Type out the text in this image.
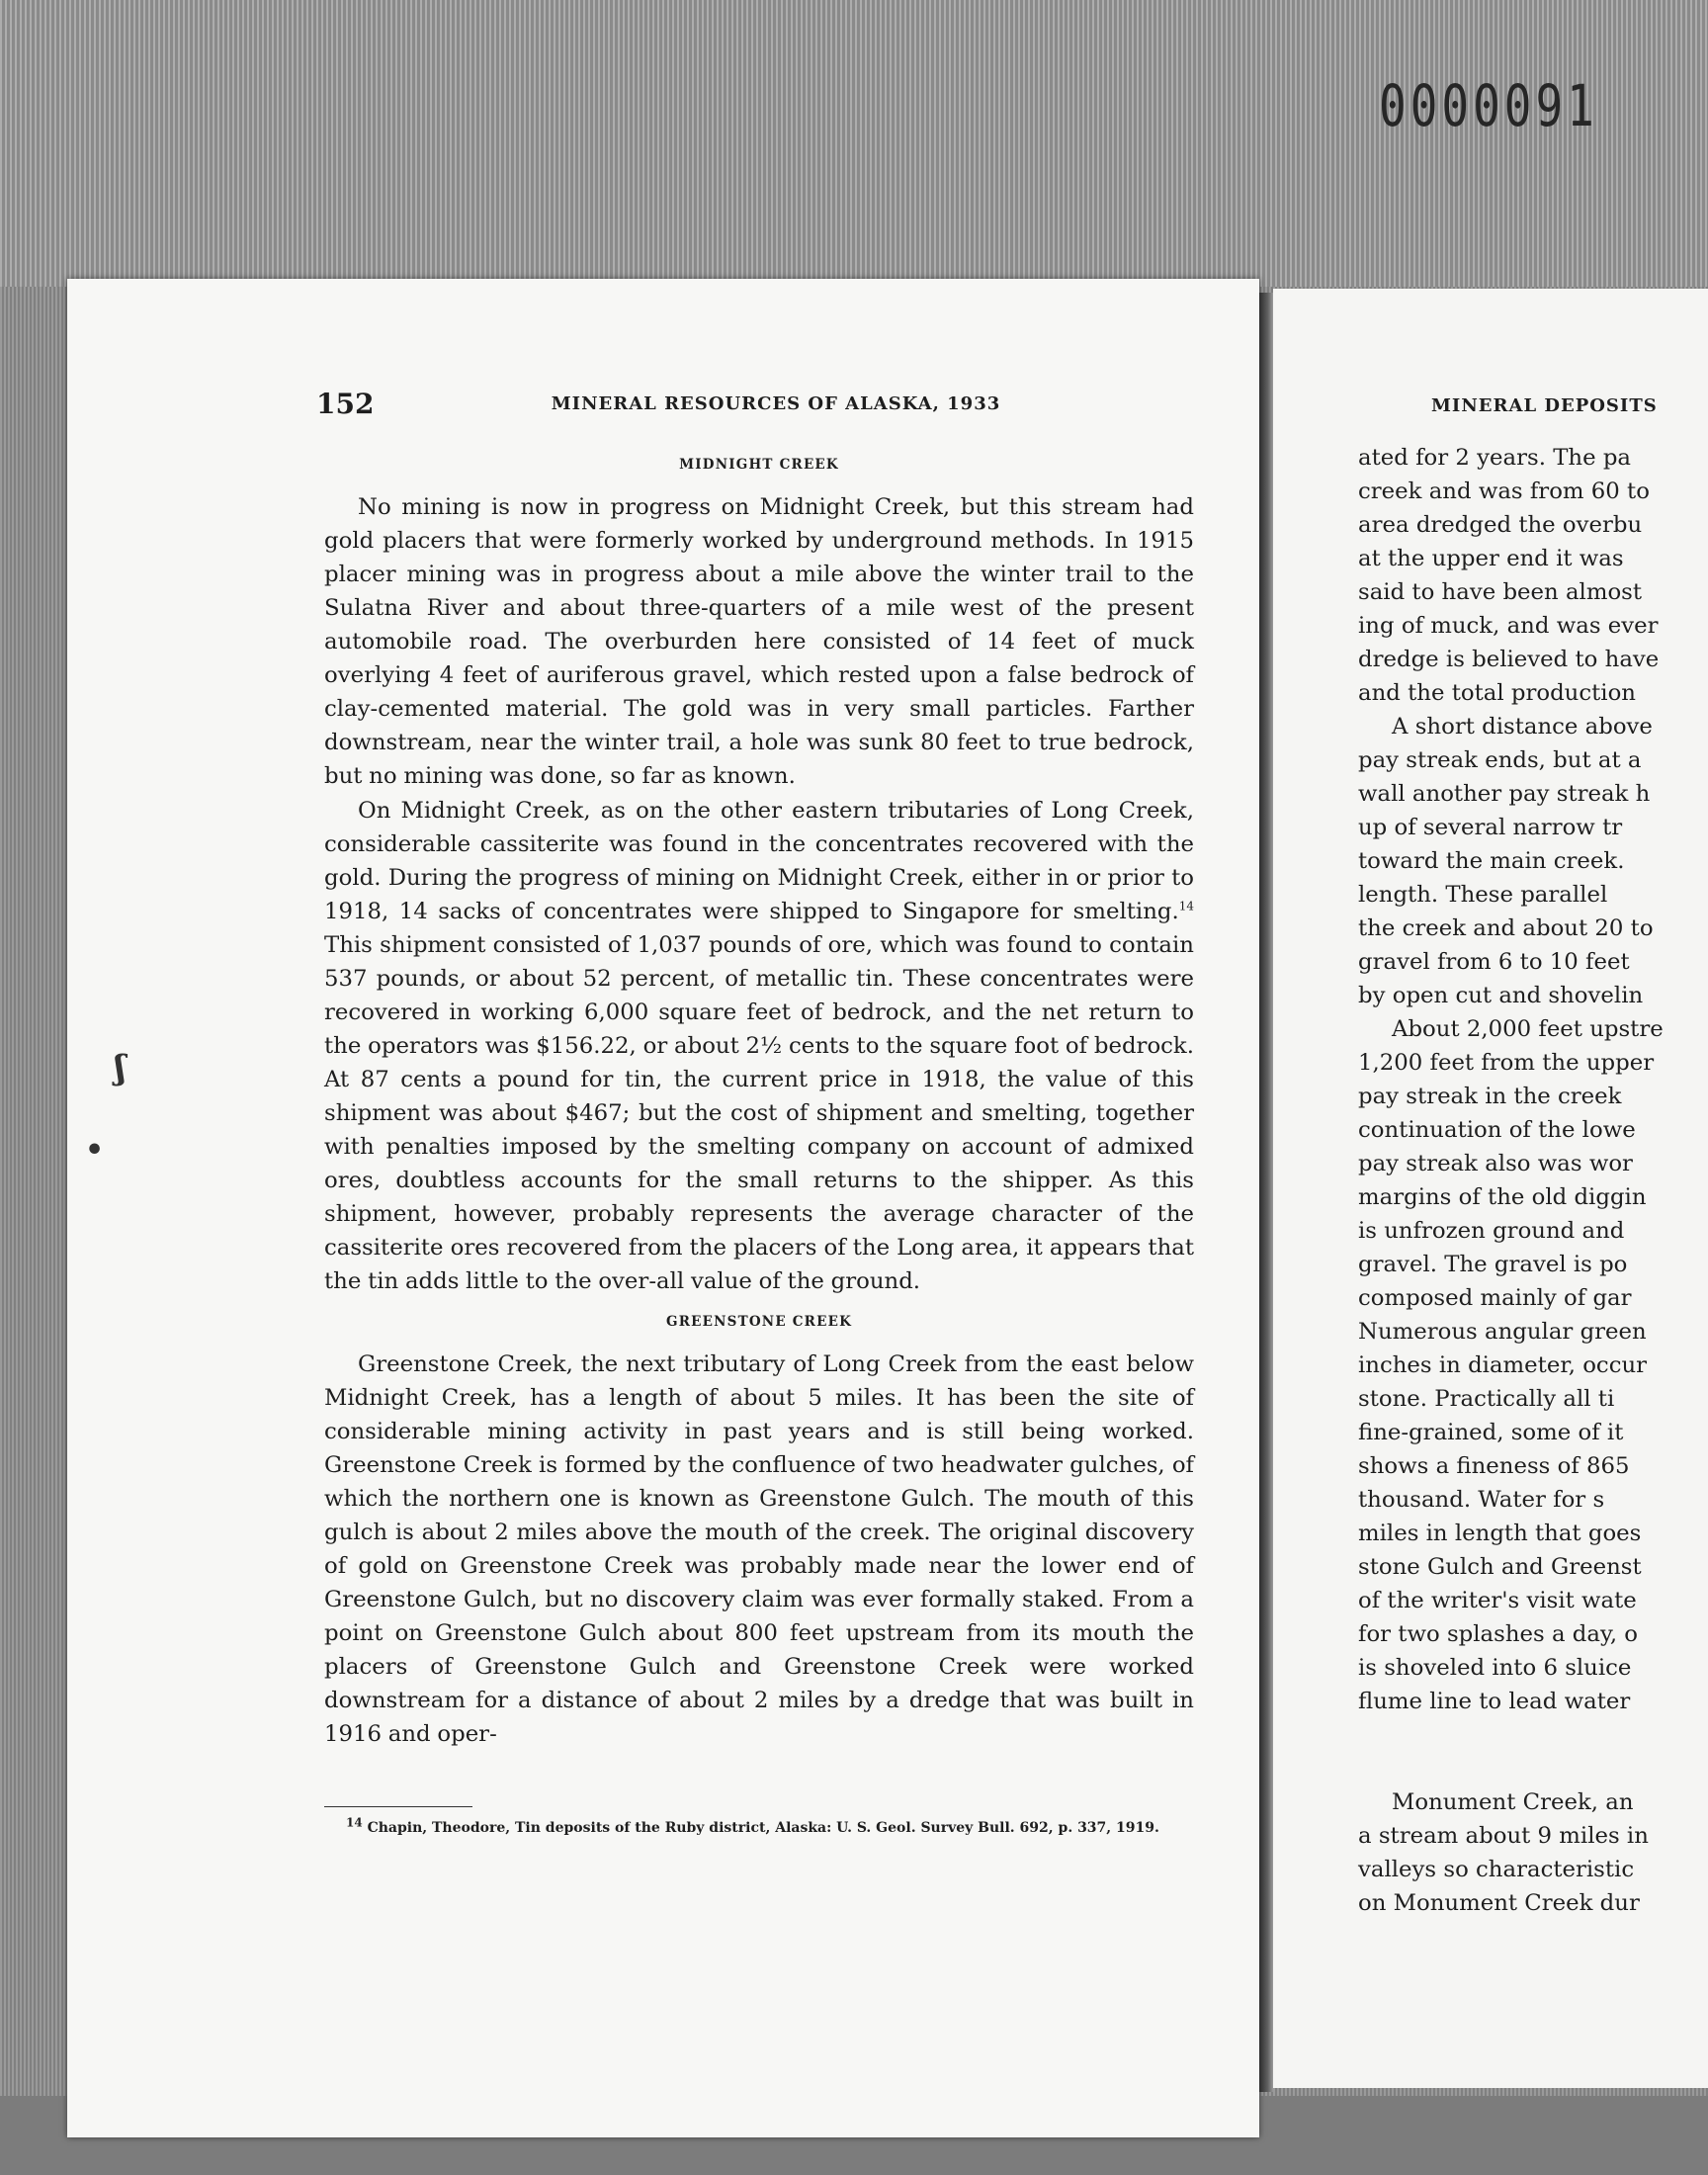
0000091
152	MINERAL RESOURCES OF ALASKA, 1933
MIDNIGHT CREEK

No mining is now in progress on Midnight Creek, but this stream had gold placers that were formerly worked by underground methods. In 1915 placer mining was in progress about a mile above the winter trail to the Sulatna River and about three-quarters of a mile west of the present automobile road. The overburden here consisted of 14 feet of muck overlying 4 feet of auriferous gravel, which rested upon a false bedrock of clay-cemented material. The gold was in very small particles. Farther downstream, near the winter trail, a hole was sunk 80 feet to true bedrock, but no mining was done, so far as known.

On Midnight Creek, as on the other eastern tributaries of Long Creek, considerable cassiterite was found in the concentrates recovered with the gold. During the progress of mining on Midnight Creek, either in or prior to 1918, 14 sacks of concentrates were shipped to Singapore for smelting.$^{14}$ This shipment consisted of 1,037 pounds of ore, which was found to contain 537 pounds, or about 52 percent, of metallic tin. These concentrates were recovered in working 6,000 square feet of bedrock, and the net return to the operators was $156.22, or about 2½ cents to the square foot of bedrock. At 87 cents a pound for tin, the current price in 1918, the value of this shipment was about $467; but the cost of shipment and smelting, together with penalties imposed by the smelting company on account of admixed ores, doubtless accounts for the small returns to the shipper. As this shipment, however, probably represents the average character of the cassiterite ores recovered from the placers of the Long area, it appears that the tin adds little to the over-all value of the ground.

GREENSTONE CREEK

Greenstone Creek, the next tributary of Long Creek from the east below Midnight Creek, has a length of about 5 miles. It has been the site of considerable mining activity in past years and is still being worked. Greenstone Creek is formed by the confluence of two headwater gulches, of which the northern one is known as Greenstone Gulch. The mouth of this gulch is about 2 miles above the mouth of the creek. The original discovery of gold on Greenstone Creek was probably made near the lower end of Greenstone Gulch, but no discovery claim was ever formally staked. From a point on Greenstone Gulch about 800 feet upstream from its mouth the placers of Greenstone Gulch and Greenstone Creek were worked downstream for a distance of about 2 miles by a dredge that was built in 1916 and oper-

$^{14}$ Chapin, Theodore, Tin deposits of the Ruby district, Alaska: U. S. Geol. Survey Bull. 692, p. 337, 1919.

MINERAL DEPOSITS

ated for 2 years. The pa

creek and was from 60 to

area dredged the overbu

at the upper end it was

said to have been almost

ing of muck, and was ever

dredge is believed to have

and the total production

A short distance above

pay streak ends, but at a

wall another pay streak h

up of several narrow tr

toward the main creek.

length. These parallel

the creek and about 20 to

gravel from 6 to 10 feet

by open cut and shovelin

About 2,000 feet upstre

1,200 feet from the upper

pay streak in the creek

continuation of the lowe

pay streak also was wor

margins of the old diggin

is unfrozen ground and

gravel. The gravel is po

composed mainly of gar

Numerous angular green

inches in diameter, occur

stone. Practically all ti

fine-grained, some of it

shows a fineness of 865

thousand. Water for s

miles in length that goes

stone Gulch and Greenst

of the writer's visit wate

for two splashes a day, o

is shoveled into 6 sluice

flume line to lead water

Monument Creek, an

a stream about 9 miles in

valleys so characteristic

on Monument Creek dur

ʃ
•
